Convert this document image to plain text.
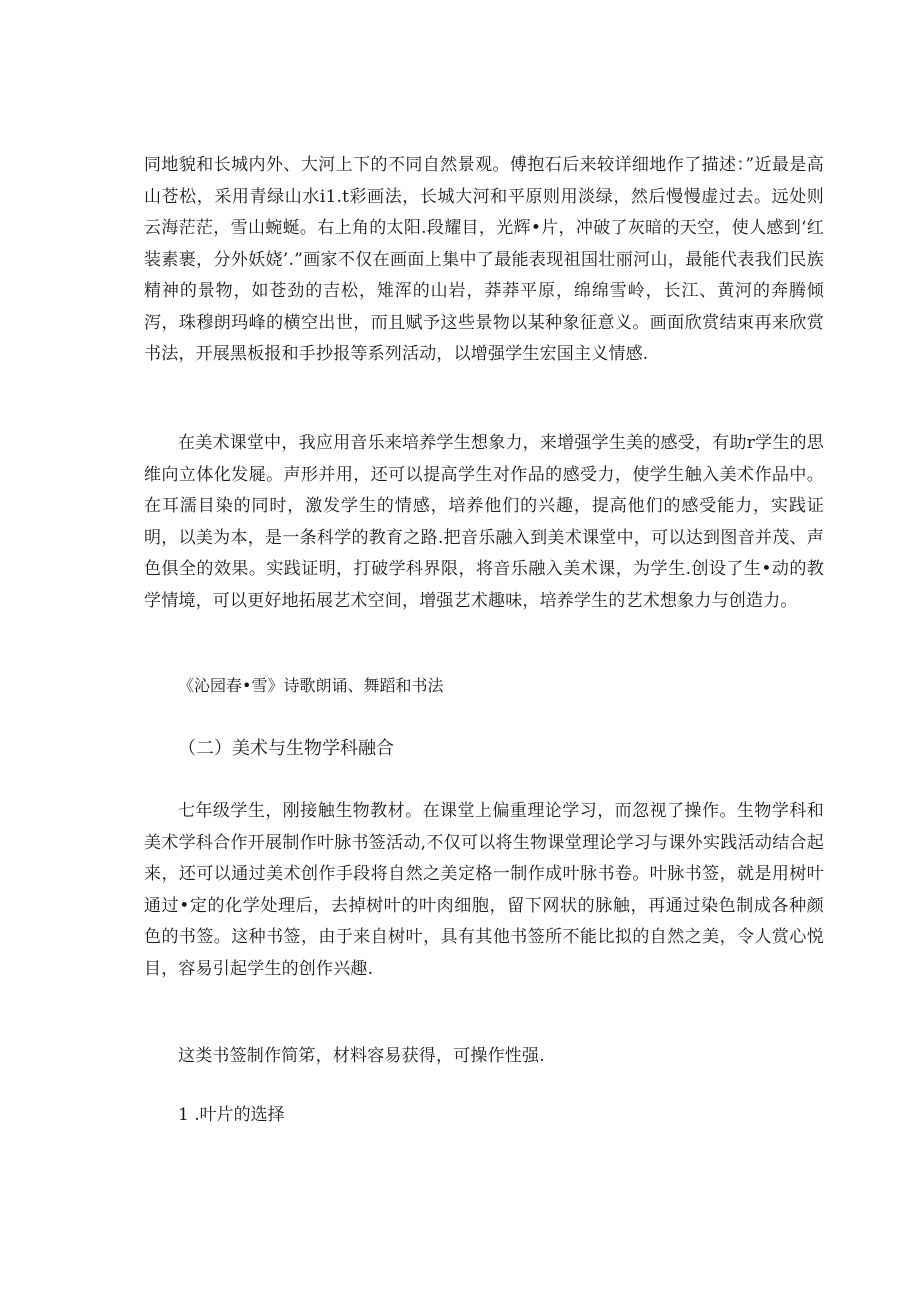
同地貌和长城内外、大河上下的不同自然景观。傅抱石后来较详细地作了描述：”近最是高山苍松，采用青绿山水i1.t彩画法，长城大河和平原则用淡绿，然后慢慢虚过去。远处则云海茫茫，雪山蜿蜒。右上角的太阳.段耀目，光辉•片，冲破了灰暗的天空，使人感到‘红装素裹，分外妖娆’.”画家不仅在画面上集中了最能表现祖国壮丽河山，最能代表我们民族精神的景物，如苍劲的吉松，雉浑的山岩，莽莽平原，绵绵雪岭，长江、黄河的奔腾倾泻，珠穆朗玛峰的横空出世，而且赋予这些景物以某种象征意义。画面欣赏结束再来欣赏书法，开展黑板报和手抄报等系列活动，以增强学生宏国主义情感.

在美术课堂中，我应用音乐来培养学生想象力，来增强学生美的感受，有助r学生的思维向立体化发屣。声形并用，还可以提高学生对作品的感受力，使学生触入美术作品中。在耳濡目染的同时，激发学生的情感，培养他们的兴趣，提高他们的感受能力，实践证明，以美为本，是一条科学的教育之路.把音乐融入到美术课堂中，可以达到图音并茂、声色俱全的效果。实践证明，打破学科界限，将音乐融入美术课，为学生.创设了生•动的教学情境，可以更好地拓展艺术空间，增强艺术趣味，培养学生的艺术想象力与创造力。

《沁园春•雪》诗歌朗诵、舞蹈和书法

（二）美术与生物学科融合

七年级学生，刚接触生物教材。在课堂上偏重理论学习，而忽视了操作。生物学科和美术学科合作开展制作叶脉书签活动,不仅可以将生物课堂理论学习与课外实践活动结合起来，还可以通过美术创作手段将自然之美定格一制作成叶脉书卷。叶脉书签，就是用树叶通过•定的化学处理后，去掉树叶的叶肉细胞，留下网状的脉触，再通过染色制成各种颜色的书签。这种书签，由于来自树叶，具有其他书签所不能比拟的自然之美，令人赏心悦目，容易引起学生的创作兴趣.

这类书签制作简笫，材料容易获得，可操作性强.

1 .叶片的选择
